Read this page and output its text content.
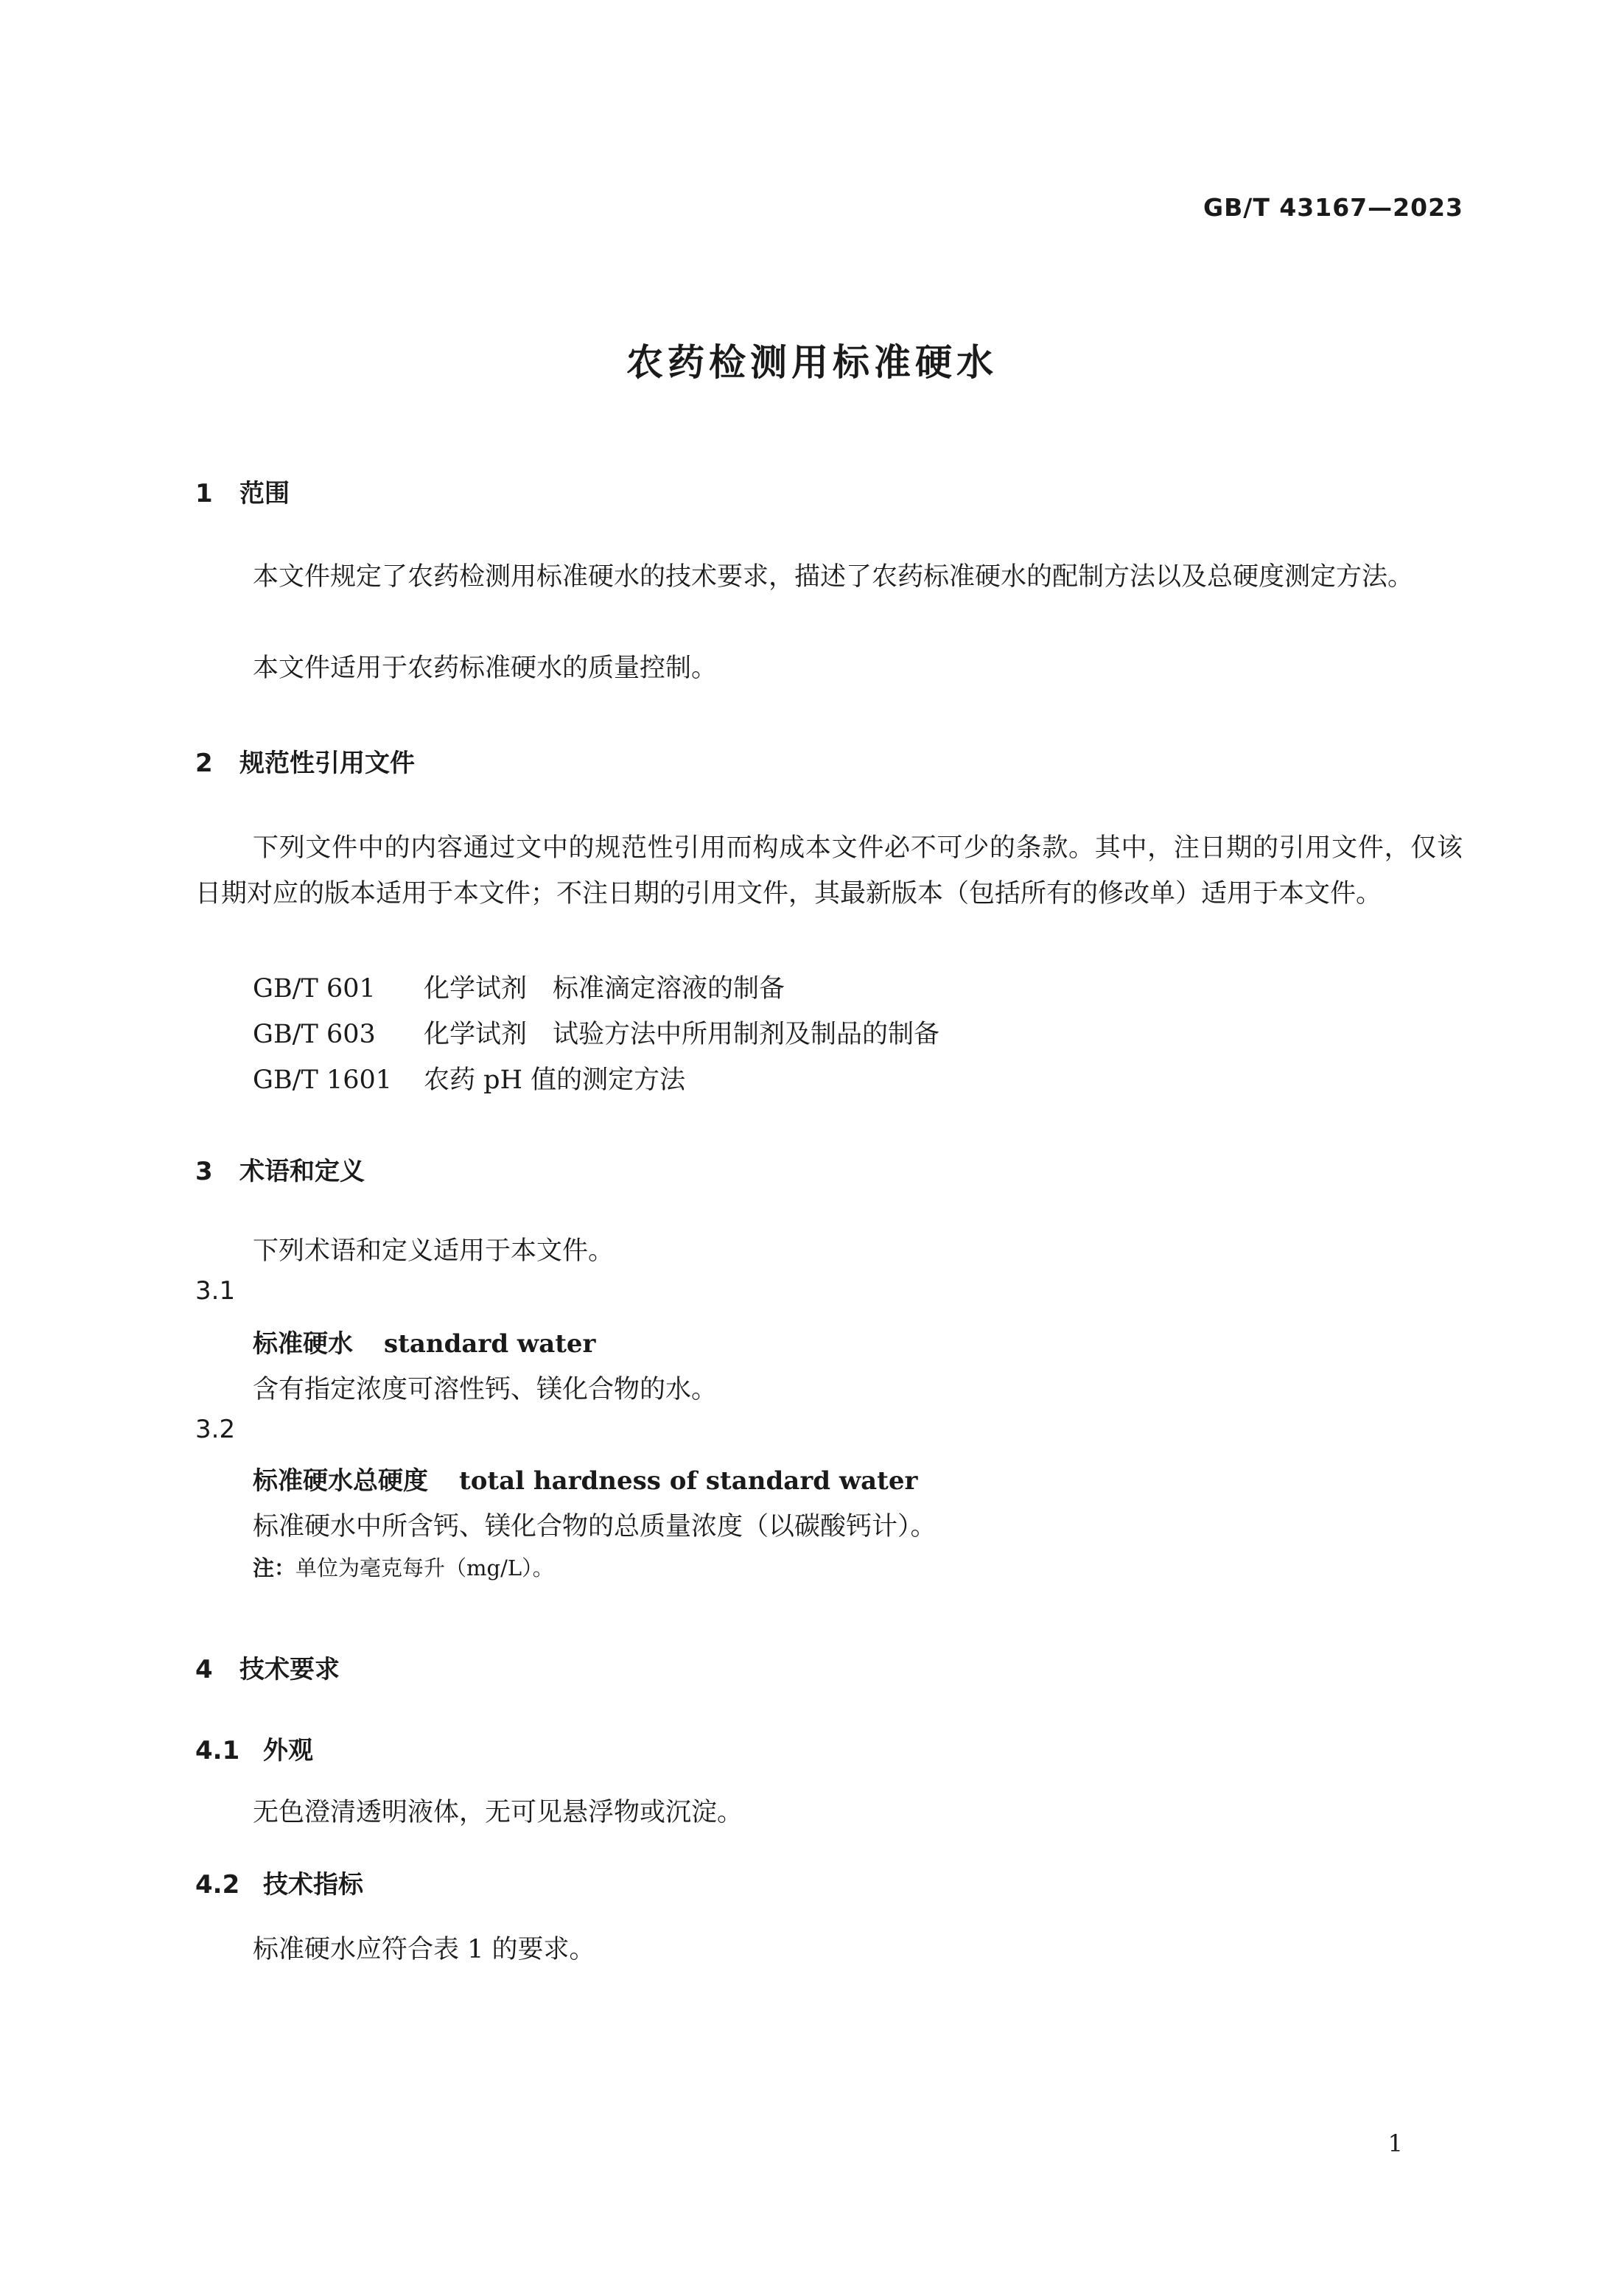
GB/T 43167—2023
农药检测用标准硬水
1 范围
本文件规定了农药检测用标准硬水的技术要求，描述了农药标准硬水的配制方法以及总硬度测定方法。
本文件适用于农药标准硬水的质量控制。
2 规范性引用文件
下列文件中的内容通过文中的规范性引用而构成本文件必不可少的条款。其中，注日期的引用文件，仅该日期对应的版本适用于本文件；不注日期的引用文件，其最新版本（包括所有的修改单）适用于本文件。
GB/T 601 化学试剂　标准滴定溶液的制备
GB/T 603 化学试剂　试验方法中所用制剂及制品的制备
GB/T 1601 农药 pH 值的测定方法
3 术语和定义
下列术语和定义适用于本文件。
3.1
标准硬水 standard water
含有指定浓度可溶性钙、镁化合物的水。
3.2
标准硬水总硬度 total hardness of standard water
标准硬水中所含钙、镁化合物的总质量浓度（以碳酸钙计）。
注：单位为毫克每升（mg/L）。
4 技术要求
4.1 外观
无色澄清透明液体，无可见悬浮物或沉淀。
4.2 技术指标
标准硬水应符合表 1 的要求。
1
